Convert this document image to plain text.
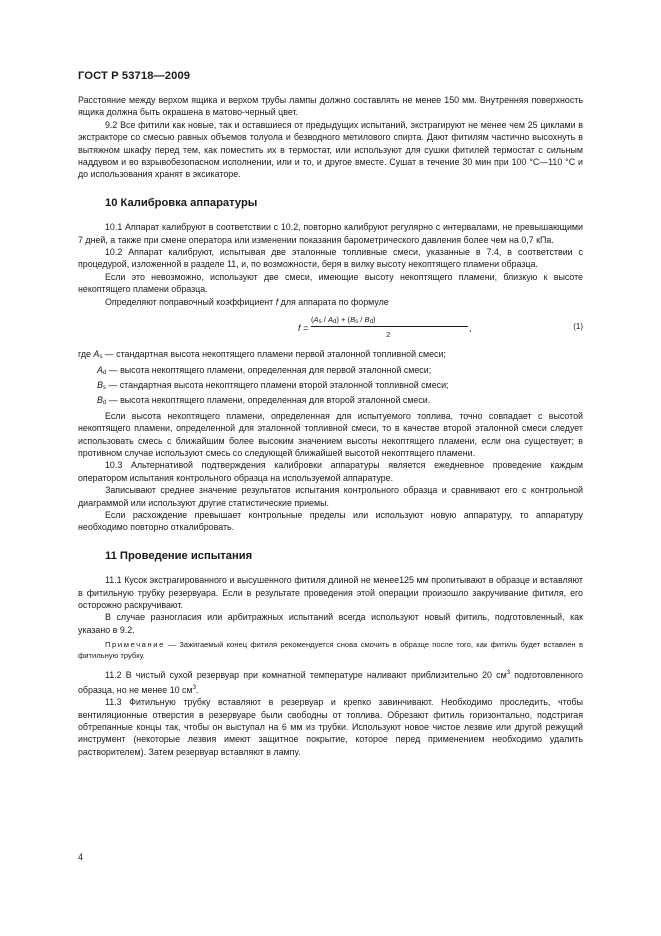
ГОСТ Р 53718—2009

Расстояние между верхом ящика и верхом трубы лампы должно составлять не менее 150 мм. Внутренняя поверхность ящика должна быть окрашена в матово-черный цвет.

9.2 Все фитили как новые, так и оставшиеся от предыдущих испытаний, экстрагируют не менее чем 25 циклами в экстракторе со смесью равных объемов толуола и безводного метилового спирта. Дают фитилям частично высохнуть в вытяжном шкафу перед тем, как поместить их в термостат, или используют для сушки фитилей термостат с сильным наддувом и во взрывобезопасном исполнении, или и то, и другое вместе. Сушат в течение 30 мин при 100 °С—110 °С и до использования хранят в эксикаторе.

10 Калибровка аппаратуры

10.1 Аппарат калибруют в соответствии с 10.2, повторно калибруют регулярно с интервалами, не превышающими 7 дней, а также при смене оператора или изменении показания барометрического давления более чем на 0,7 кПа.

10.2 Аппарат калибруют, испытывая две эталонные топливные смеси, указанные в 7.4, в соответствии с процедурой, изложенной в разделе 11, и, по возможности, беря в вилку высоту некоптящего пламени образца.

Если это невозможно, используют две смеси, имеющие высоту некоптящего пламени, близкую к высоте некоптящего пламени образца.

Определяют поправочный коэффициент f для аппарата по формуле

f =
$(A_s / A_d) + (B_s / B_d)$
2
,	(1)
где $A_s$ — стандартная высота некоптящего пламени первой эталонной топливной смеси;
$A_d$ — высота некоптящего пламени, определенная для первой эталонной смеси;
$B_s$ — стандартная высота некоптящего пламени второй эталонной топливной смеси;
$B_d$ — высота некоптящего пламени, определенная для второй эталонной смеси.

Если высота некоптящего пламени, определенная для испытуемого топлива, точно совпадает с высотой некоптящего пламени, определенной для эталонной топливной смеси, то в качестве второй эталонной смеси следует использовать смесь с ближайшим более высоким значением высоты некоптящего пламени, если она существует; в противном случае используют смесь со следующей ближайшей высотой некоптящего пламени.

10.3 Альтернативой подтверждения калибровки аппаратуры является ежедневное проведение каждым оператором испытания контрольного образца на используемой аппаратуре.

Записывают среднее значение результатов испытания контрольного образца и сравнивают его с контрольной диаграммой или используют другие статистические приемы.

Если расхождение превышает контрольные пределы или используют новую аппаратуру, то аппаратуру необходимо повторно откалибровать.

11 Проведение испытания

11.1 Кусок экстрагированного и высушенного фитиля длиной не менее125 мм пропитывают в образце и вставляют в фитильную трубку резервуара. Если в результате проведения этой операции произошло закручивание фитиля, его осторожно раскручивают.

В случае разногласия или арбитражных испытаний всегда используют новый фитиль, подготовленный, как указано в 9.2.

Примечание — Зажигаемый конец фитиля рекомендуется снова смочить в образце после того, как фитиль будет вставлен в фитильную трубку.

11.2 В чистый сухой резервуар при комнатной температуре наливают приблизительно 20 $см^3$ подготовленного образца, но не менее 10 $см^3$.

11.3 Фитильную трубку вставляют в резервуар и крепко завинчивают. Необходимо проследить, чтобы вентиляционные отверстия в резервуаре были свободны от топлива. Обрезают фитиль горизонтально, подстригая обтрепанные концы так, чтобы он выступал на 6 мм из трубки. Используют новое чистое лезвие или другой режущий инструмент (некоторые лезвия имеют защитное покрытие, которое перед применением необходимо удалить растворителем). Затем резервуар вставляют в лампу.

4
